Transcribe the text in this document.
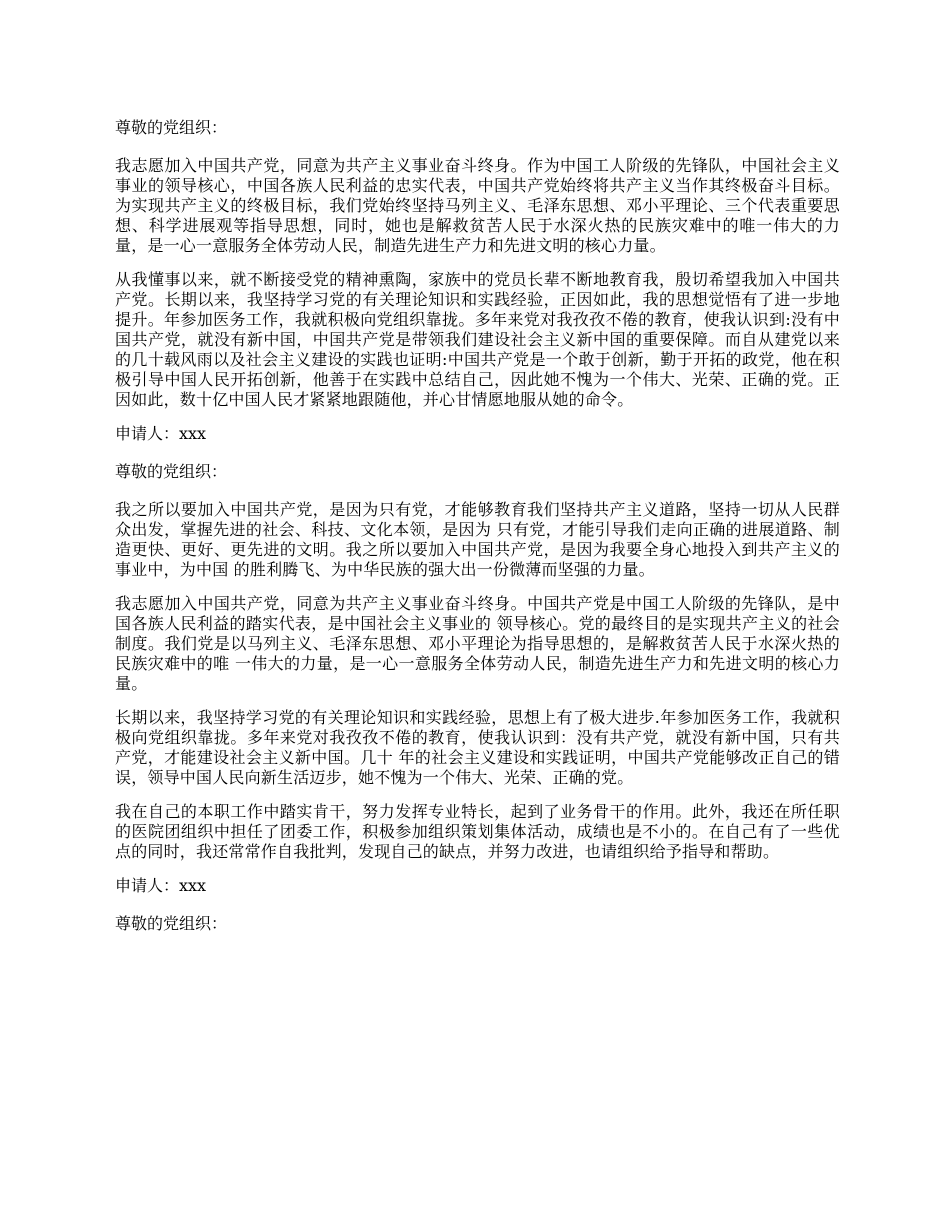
尊敬的党组织：

我志愿加入中国共产党，同意为共产主义事业奋斗终身。作为中国工人阶级的先锋队，中国社会主义事业的领导核心，中国各族人民利益的忠实代表，中国共产党始终将共产主义当作其终极奋斗目标。为实现共产主义的终极目标，我们党始终坚持马列主义、毛泽东思想、邓小平理论、三个代表重要思想、科学进展观等指导思想，同时，她也是解救贫苦人民于水深火热的民族灾难中的唯一伟大的力量，是一心一意服务全体劳动人民，制造先进生产力和先进文明的核心力量。

从我懂事以来，就不断接受党的精神熏陶，家族中的党员长辈不断地教育我，殷切希望我加入中国共产党。长期以来，我坚持学习党的有关理论知识和实践经验，正因如此，我的思想觉悟有了进一步地提升。年参加医务工作，我就积极向党组织靠拢。多年来党对我孜孜不倦的教育，使我认识到:没有中国共产党，就没有新中国，中国共产党是带领我们建设社会主义新中国的重要保障。而自从建党以来的几十载风雨以及社会主义建设的实践也证明:中国共产党是一个敢于创新，勤于开拓的政党，他在积极引导中国人民开拓创新，他善于在实践中总结自己，因此她不愧为一个伟大、光荣、正确的党。正因如此，数十亿中国人民才紧紧地跟随他，并心甘情愿地服从她的命令。

申请人：xxx

尊敬的党组织：

我之所以要加入中国共产党，是因为只有党，才能够教育我们坚持共产主义道路，坚持一切从人民群众出发，掌握先进的社会、科技、文化本领，是因为 只有党，才能引导我们走向正确的进展道路、制造更快、更好、更先进的文明。我之所以要加入中国共产党，是因为我要全身心地投入到共产主义的事业中，为中国 的胜利腾飞、为中华民族的强大出一份微薄而坚强的力量。

我志愿加入中国共产党，同意为共产主义事业奋斗终身。中国共产党是中国工人阶级的先锋队，是中国各族人民利益的踏实代表，是中国社会主义事业的 领导核心。党的最终目的是实现共产主义的社会制度。我们党是以马列主义、毛泽东思想、邓小平理论为指导思想的，是解救贫苦人民于水深火热的民族灾难中的唯 一伟大的力量，是一心一意服务全体劳动人民，制造先进生产力和先进文明的核心力量。

长期以来，我坚持学习党的有关理论知识和实践经验，思想上有了极大进步.年参加医务工作，我就积极向党组织靠拢。多年来党对我孜孜不倦的教育，使我认识到：没有共产党，就没有新中国，只有共产党，才能建设社会主义新中国。几十 年的社会主义建设和实践证明，中国共产党能够改正自己的错误，领导中国人民向新生活迈步，她不愧为一个伟大、光荣、正确的党。

我在自己的本职工作中踏实肯干，努力发挥专业特长，起到了业务骨干的作用。此外，我还在所任职的医院团组织中担任了团委工作，积极参加组织策划集体活动，成绩也是不小的。在自己有了一些优点的同时，我还常常作自我批判，发现自己的缺点，并努力改进，也请组织给予指导和帮助。

申请人：xxx

尊敬的党组织：
